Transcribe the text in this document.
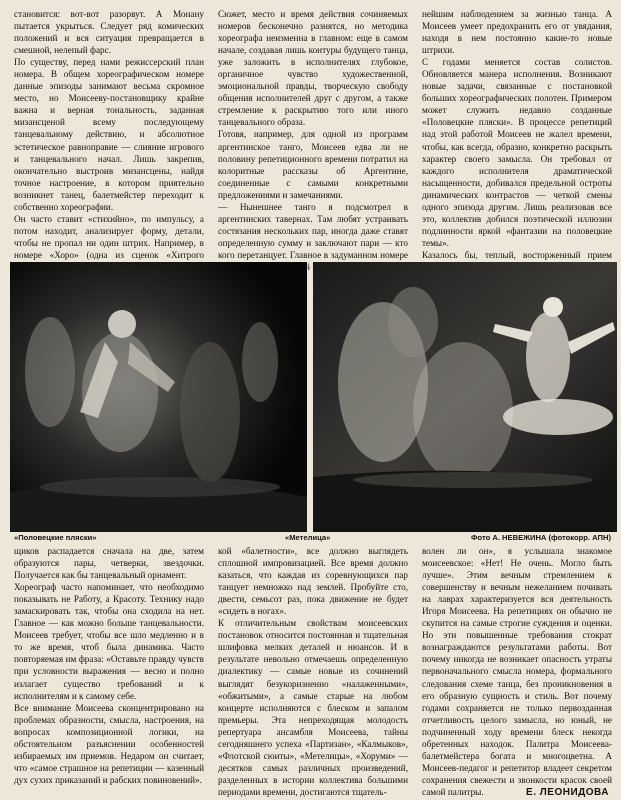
становится: вот-вот разорвут. А Монану пытается укрыться. Следует ряд комических положений и вся ситуация превращается в смешной, нелепый фарс.
По существу, перед нами режиссерский план номера. В общем хореографическом номере данные эпизоды занимают весьма скромное место, но Моисееву-постановщику крайне важна и верная тональность, заданная мизансценой всему последующему танцевальному действию, и абсолютное эстетическое равноправие — слияние игрового и танцевального начал. Лишь закрепив, окончательно выстроив мизансцены, найдя точное настроение, в котором приятельно возникнет танец, балетмейстер переходит к собственно хореографии.
Он часто ставит «стихийно», по импульсу, а потом находит, анализирует форму, детали, чтобы не пропал ни один штрих. Например, в номере «Хоро» (одна из сценок «Хитрого
Сюжет, место и время действия сочиняемых номеров бесконечно разнятся, но методика хореографа неизменна в главном: еще в самом начале, создавая лишь контуры будущего танца, уже заложить в исполнителях глубокое, органичное чувство художественной, эмоциональной правды, творческую свободу общения исполнителей друг с другом, а также стремление к раскрытию того или иного танцевального образа.
Готовя, например, для одной из программ аргентинское танго, Моисеев едва ли не половину репетиционного времени потратил на колоритные рассказы об Аргентине, соединенные с самыми конкретными предложениями и замечаниями.
— Нынешнее танго я подсмотрел в аргентинских тавернах. Там любят устраивать состязания нескольких пар, иногда даже ставят определенную сумму и заключают пари — кто кого перетанцует. Главное в задуманном номере
нейшим наблюдением за жизнью танца. А Моисеев умеет предохранить его от увядания, находя в нем постоянно какие-то новые штрихи.
С годами меняется состав солистов. Обновляется манера исполнения. Возникают новые задачи, связанные с постановкой больших хореографических полотен. Примером может служить недавно созданные «Половецкие пляски». В процессе репетиций над этой работой Моисеев не жалел времени, чтобы, как всегда, образно, конкретно раскрыть характер своего замысла. Он требовал от каждого исполнителя драматической насыщенности, добивался предельной остроты динамических контрастов — четкой смены одного эпизода другим. Лишь реализовав все это, коллектив добился поэтической иллюзии подлинности яркой «фантазии на половецкие темы».
Казалось бы, теплый, восторженный прием
«Половецкие пляски»	«Метелица»	Фото А. НЕВЕЖИНА (фотокорр. АПН)
щиков распадается сначала на две, затем образуются пары, четверки, звездочки. Получается как бы танцевальный орнамент.
Хореограф часто напоминает, что необходимо показывать не Работу, а Красоту. Технику надо замаскировать так, чтобы она сходила на нет. Главное — как можно больше танцевальности. Моисеев требует, чтобы все шло медленно и в то же время, чтоб была динамика. Часто повторяемая им фраза: «Оставьте правду чувств при условности выражения — весно и полно излагает существо требований и к исполнителям и к самому себе.
Все внимание Моисеева сконцентрировано на проблемах образности, смысла, настроения, на вопросах композиционной логики, на обстоятельном разъяснении особенностей избираемых им приемов. Недаром он считает, что «самое страшное на репетиции — казенный дух сухих приказаний и рабских повиновений».
кой «балетности», все должно выглядеть сплошной импровизацией. Все время должно казаться, что каждая из соревнующихся пар танцует немножко над землей. Пробуйте сто, двести, семьсот раз, пока движение не будет «сидеть в ногах».
К отличительным свойствам моисеевских постановок относится постоянная и тщательная шлифовка мелких деталей и нюансов. И в результате невольно отмечаешь определенную диалектику — самые новые из сочинений выглядят безукоризненно «налаженными», «обжитыми», а самые старые на любом концерте исполняются с блеском и запалом премьеры. Эта непреходящая молодость репертуара ансамбля Моисеева, тайны сегодняшнего успеха «Партизан», «Калмыков», «Флотской сюиты», «Метелицы», «Хоруми» — десятков самых различных произведений, разделенных в истории коллектива большими периодами времени, достигаются тщатель-
волен ли он», я услышала знакомое моисеевское: «Нет! Не очень. Могло быть лучше». Этим вечным стремлением к совершенству и вечным нежеланием почивать на лаврах характеризуется вся деятельность Игоря Моисеева. На репетициях он обычно не скупится на самые строгие суждения и оценки. Но эти повышенные требования стократ вознаграждаются результатами работы. Вот почему никогда не возникает опасность утраты первоначального смысла номера, формального следования схеме танца, без проникновения в его образную сущность и стиль. Вот почему годами сохраняется не только первозданная отчетливость целого замысла, но юный, не подчиненный ходу времени блеск некогда обретенных находок. Палитра Моисеева-балетмейстера богата и многоцветна. А Моисеев-педагог и репетитор владеет секретом сохранения свежести и звонкости красок своей самой палитры.	Е. ЛЕОНИДОВА
